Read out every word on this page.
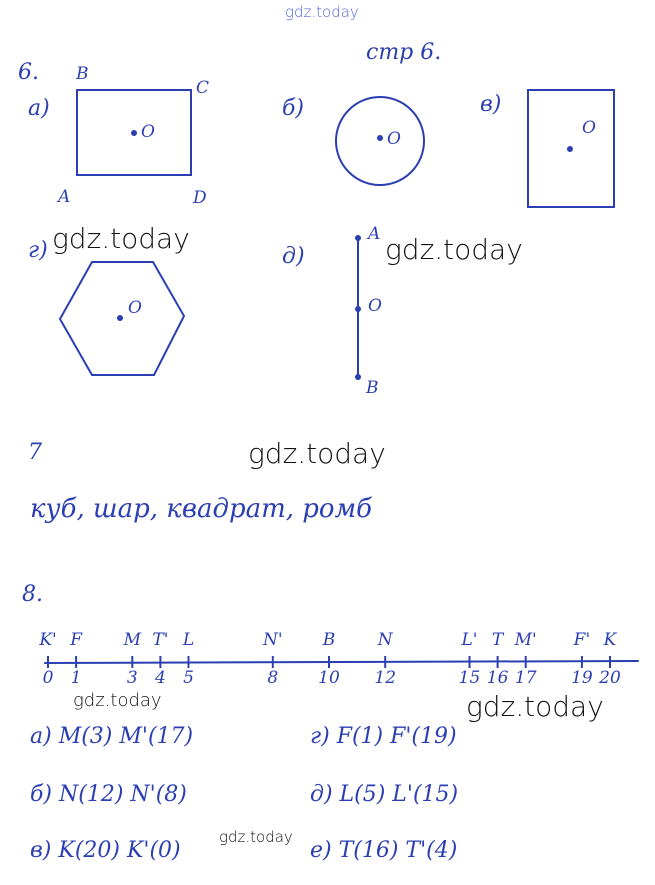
gdz.today
gdz.today	gdz.today
gdz.today
gdz.today	gdz.today
gdz.today
стр 6.
6.
а)
B
C
A	D
O
б)
O
в)
O
г)
O
д)
A
O
B
7
куб, шар, квадрат, ромб
8.
0
K'
1
F
3
M
4
T'
5
L
8
N'
10
B
12
N
15
L'
16
T
17
M'
19
F'
20
K
а) M(3) M'(17)
б) N(12) N'(8)
в) K(20) K'(0)
г) F(1) F'(19)
д) L(5) L'(15)
е) T(16) T'(4)
